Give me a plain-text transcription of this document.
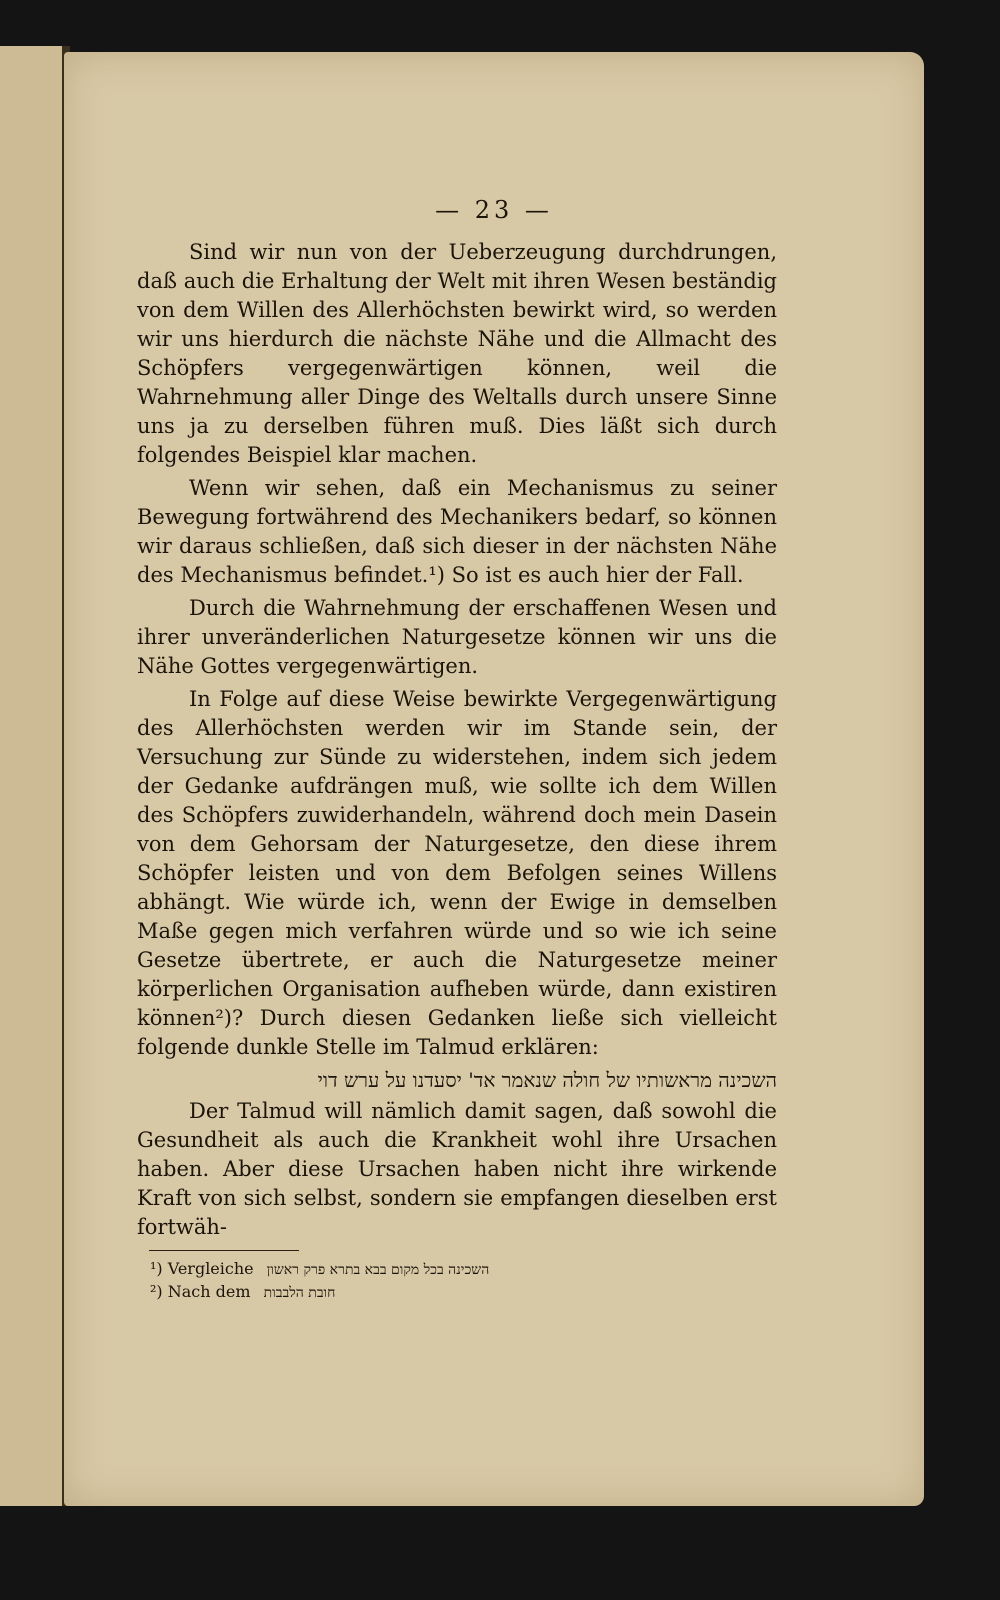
— 23 —

Sind wir nun von der Ueberzeugung durchdrungen, daß auch die Erhaltung der Welt mit ihren Wesen beständig von dem Willen des Allerhöchsten bewirkt wird, so werden wir uns hierdurch die nächste Nähe und die Allmacht des Schöpfers vergegenwärtigen können, weil die Wahrnehmung aller Dinge des Weltalls durch unsere Sinne uns ja zu derselben führen muß. Dies läßt sich durch folgendes Beispiel klar machen.

Wenn wir sehen, daß ein Mechanismus zu seiner Bewegung fortwährend des Mechanikers bedarf, so können wir daraus schließen, daß sich dieser in der nächsten Nähe des Mechanismus befindet.¹) So ist es auch hier der Fall.

Durch die Wahrnehmung der erschaffenen Wesen und ihrer unveränderlichen Naturgesetze können wir uns die Nähe Gottes vergegenwärtigen.

In Folge auf diese Weise bewirkte Vergegenwärtigung des Allerhöchsten werden wir im Stande sein, der Versuchung zur Sünde zu widerstehen, indem sich jedem der Gedanke aufdrängen muß, wie sollte ich dem Willen des Schöpfers zuwiderhandeln, während doch mein Dasein von dem Gehorsam der Naturgesetze, den diese ihrem Schöpfer leisten und von dem Befolgen seines Willens abhängt. Wie würde ich, wenn der Ewige in demselben Maße gegen mich verfahren würde und so wie ich seine Gesetze übertrete, er auch die Naturgesetze meiner körperlichen Organisation aufheben würde, dann existiren können²)? Durch diesen Gedanken ließe sich vielleicht folgende dunkle Stelle im Talmud erklären:

השכינה מראשותיו של חולה שנאמר אד' יסעדנו על ערש דוי

Der Talmud will nämlich damit sagen, daß sowohl die Gesundheit als auch die Krankheit wohl ihre Ursachen haben. Aber diese Ursachen haben nicht ihre wirkende Kraft von sich selbst, sondern sie empfangen dieselben erst fortwäh-

¹) Vergleiche השכינה בכל מקום בבא בתרא פרק ראשון

²) Nach dem חובת הלבבות
